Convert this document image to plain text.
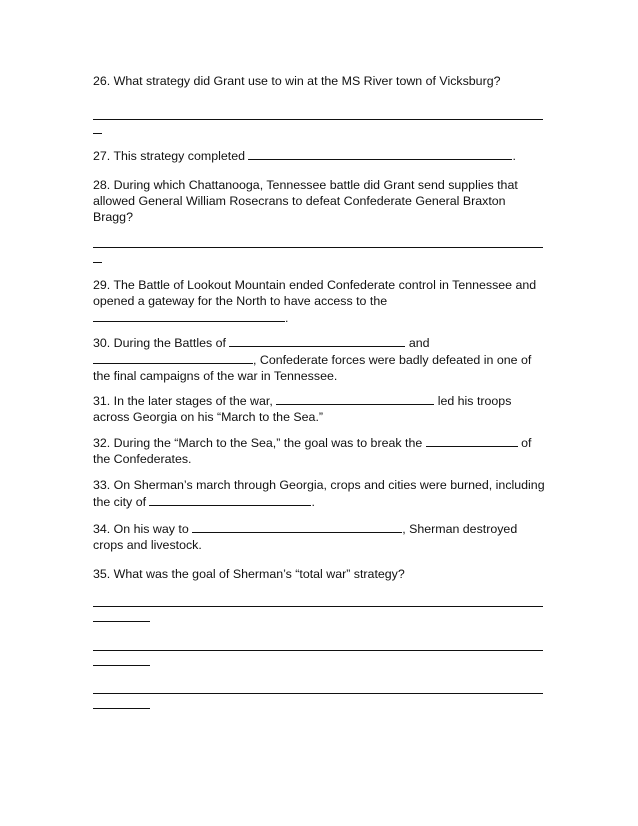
26. What strategy did Grant use to win at the MS River town of Vicksburg?
27. This strategy completed	.
28. During which Chattanooga, Tennessee battle did Grant send supplies that allowed General William Rosecrans to defeat Confederate General Braxton Bragg?
29. The Battle of Lookout Mountain ended Confederate control in Tennessee and opened a gateway for the North to have access to the .
30. During the Battles of	and , Confederate forces were badly defeated in one of the final campaigns of the war in Tennessee.
31. In the later stages of the war,	led his troops across Georgia on his “March to the Sea.”
32. During the “March to the Sea,” the goal was to break the	of the Confederates.
33. On Sherman’s march through Georgia, crops and cities were burned, including the city of	.
34. On his way to	, Sherman destroyed crops and livestock.
35. What was the goal of Sherman’s “total war” strategy?
